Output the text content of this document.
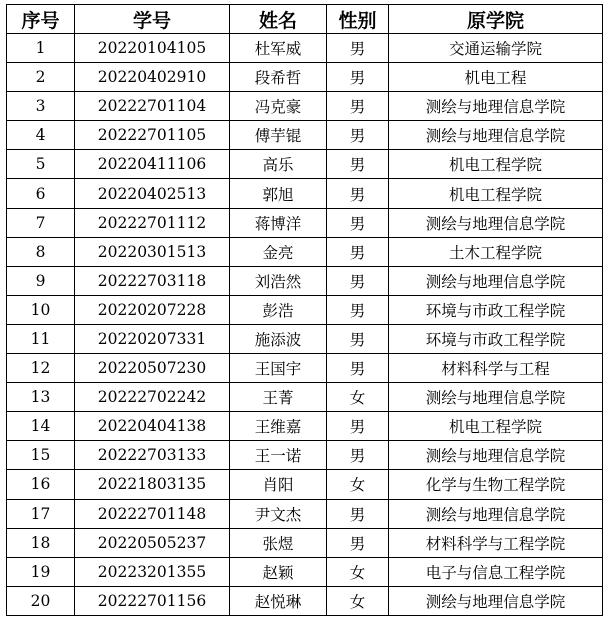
序号	学号	姓名	性别	原学院
1	20220104105	杜军威	男	交通运输学院
2	20220402910	段希哲	男	机电工程
3	20222701104	冯克豪	男	测绘与地理信息学院
4	20222701105	傅芋锟	男	测绘与地理信息学院
5	20220411106	高乐	男	机电工程学院
6	20220402513	郭旭	男	机电工程学院
7	20222701112	蒋博洋	男	测绘与地理信息学院
8	20220301513	金亮	男	土木工程学院
9	20222703118	刘浩然	男	测绘与地理信息学院
10	20220207228	彭浩	男	环境与市政工程学院
11	20220207331	施添波	男	环境与市政工程学院
12	20220507230	王国宇	男	材料科学与工程
13	20222702242	王菁	女	测绘与地理信息学院
14	20220404138	王维嘉	男	机电工程学院
15	20222703133	王一诺	男	测绘与地理信息学院
16	20221803135	肖阳	女	化学与生物工程学院
17	20222701148	尹文杰	男	测绘与地理信息学院
18	20220505237	张煜	男	材料科学与工程学院
19	20223201355	赵颖	女	电子与信息工程学院
20	20222701156	赵悦琳	女	测绘与地理信息学院
